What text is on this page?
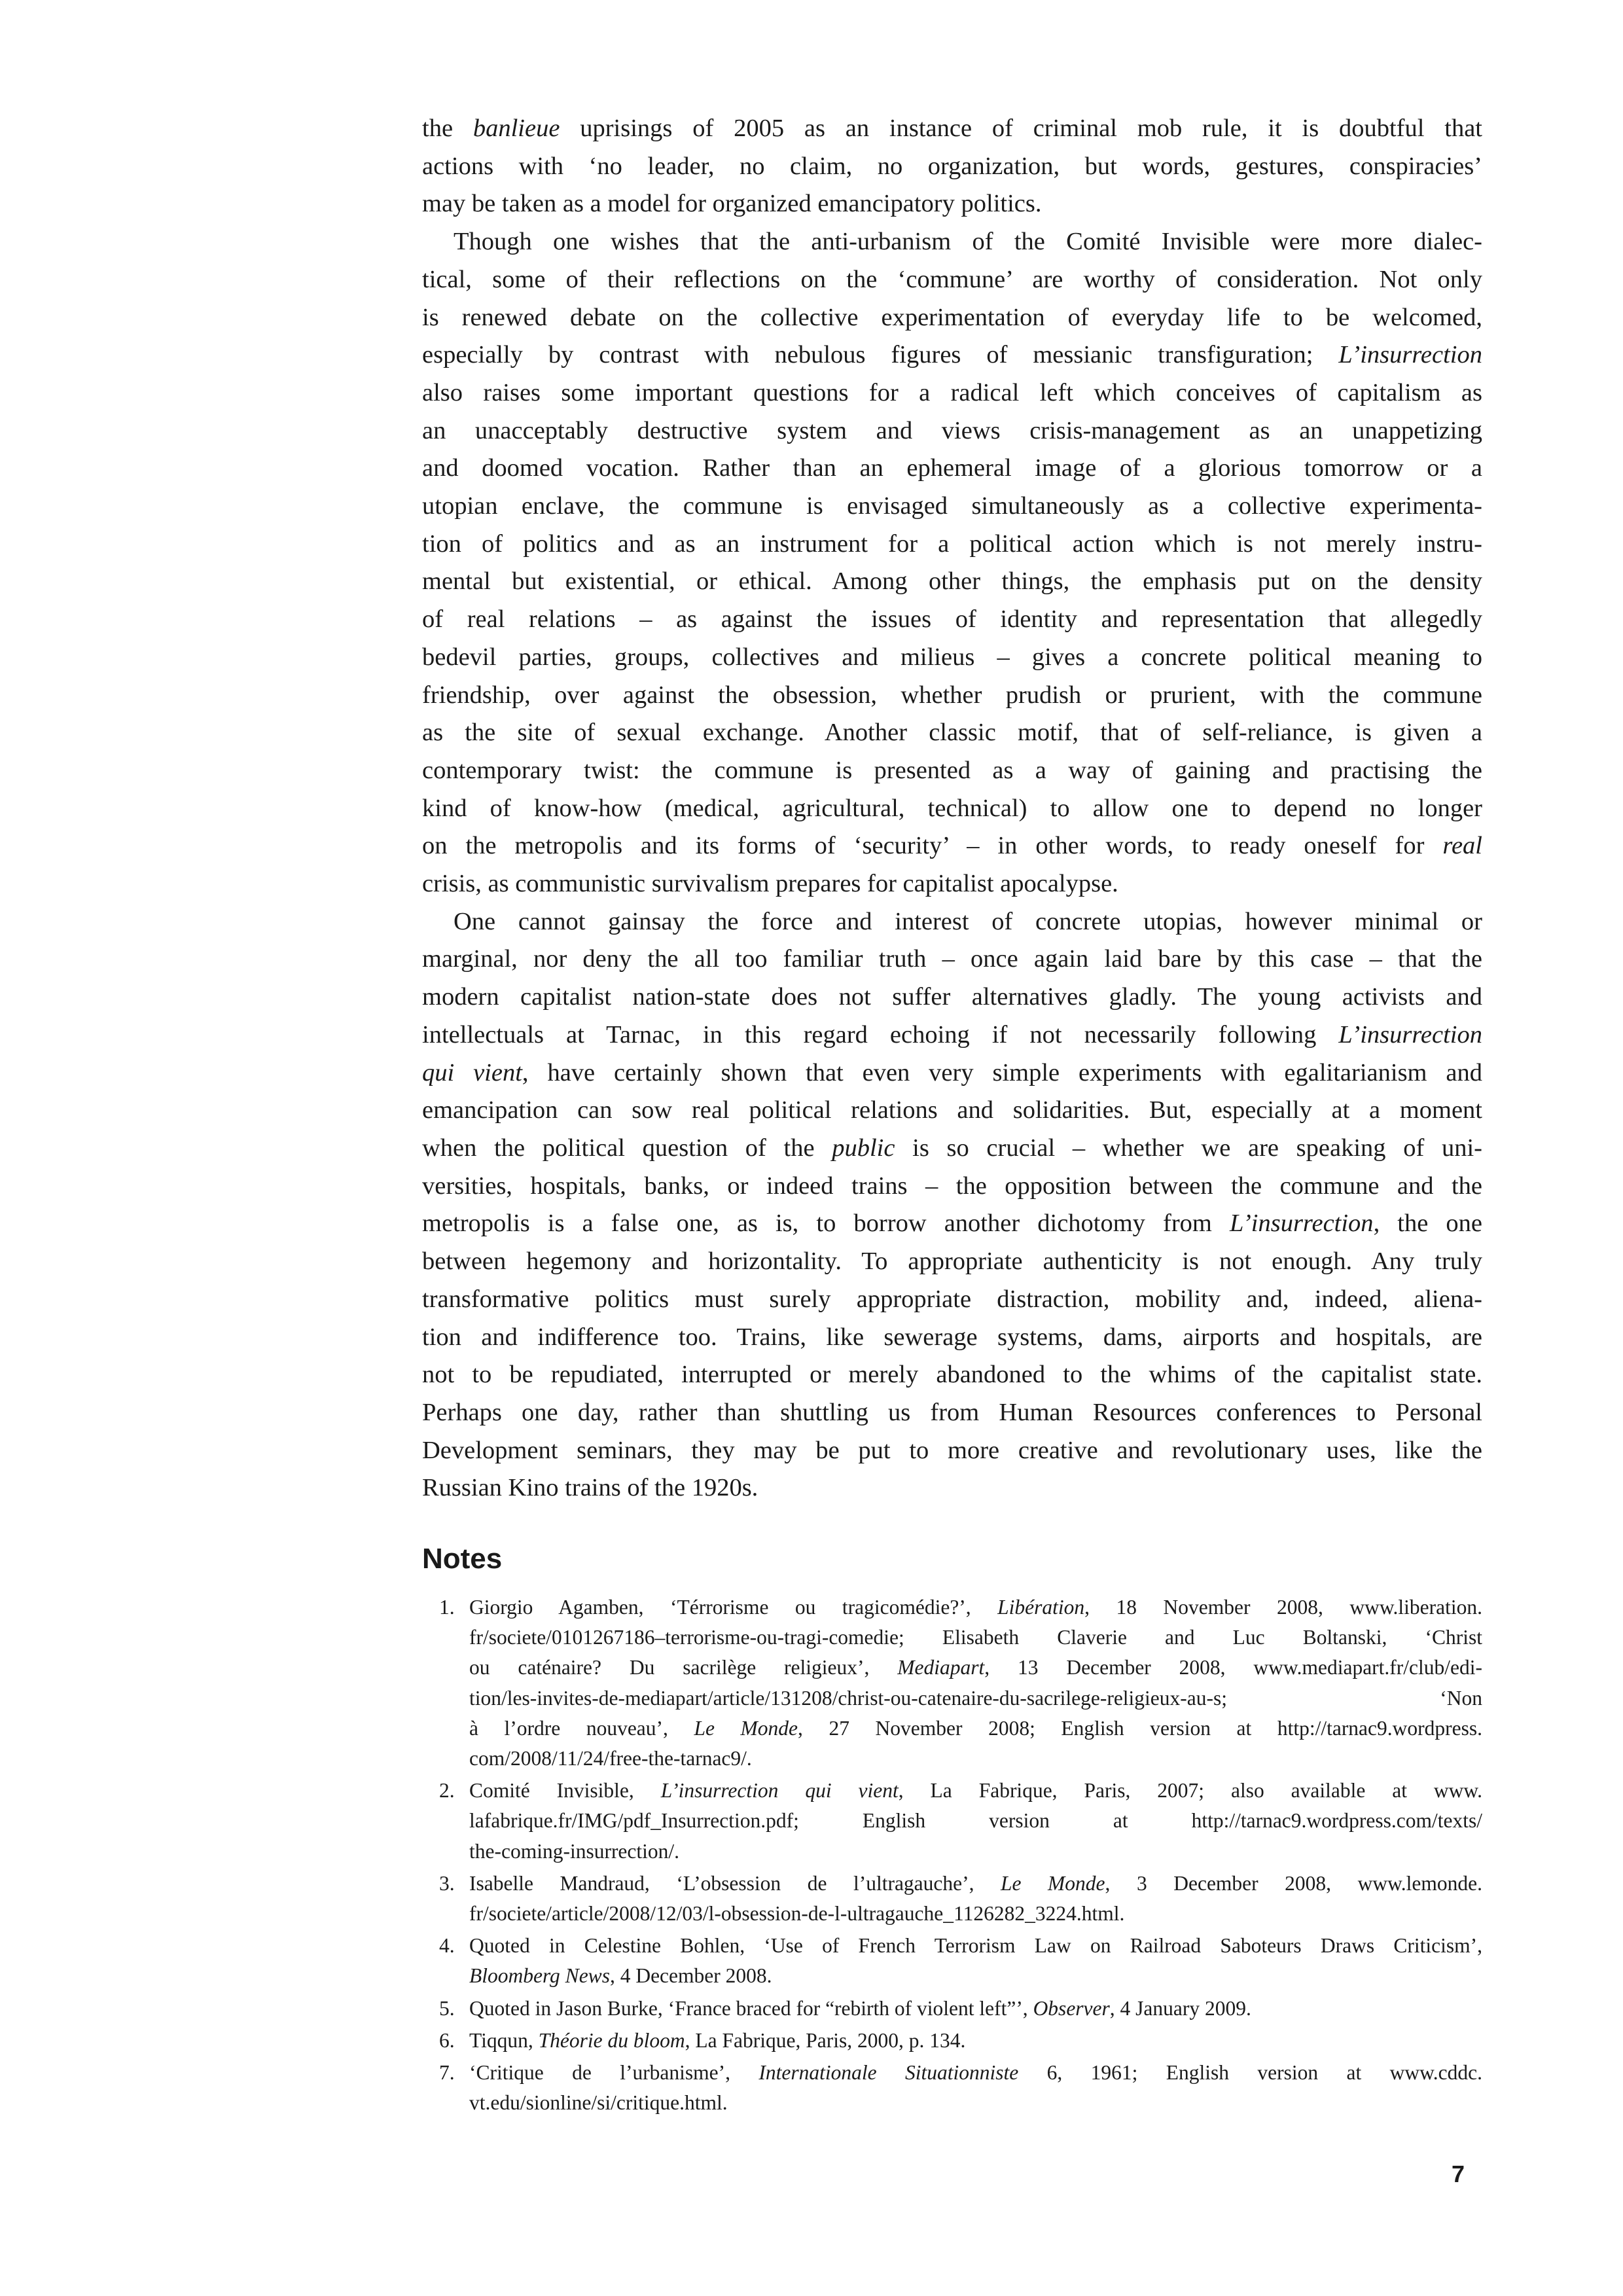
the banlieue uprisings of 2005 as an instance of criminal mob rule, it is doubtful that
actions with ‘no leader, no claim, no organization, but words, gestures, conspiracies’
may be taken as a model for organized emancipatory politics.

Though one wishes that the anti-urbanism of the Comité Invisible were more dialec-
tical, some of their reflections on the ‘commune’ are worthy of consideration. Not only
is renewed debate on the collective experimentation of everyday life to be welcomed,
especially by contrast with nebulous figures of messianic transfiguration; L’insurrection
also raises some important questions for a radical left which conceives of capitalism as
an unacceptably destructive system and views crisis-management as an unappetizing
and doomed vocation. Rather than an ephemeral image of a glorious tomorrow or a
utopian enclave, the commune is envisaged simultaneously as a collective experimenta-
tion of politics and as an instrument for a political action which is not merely instru-
mental but existential, or ethical. Among other things, the emphasis put on the density
of real relations – as against the issues of identity and representation that allegedly
bedevil parties, groups, collectives and milieus – gives a concrete political meaning to
friendship, over against the obsession, whether prudish or prurient, with the commune
as the site of sexual exchange. Another classic motif, that of self-reliance, is given a
contemporary twist: the commune is presented as a way of gaining and practising the
kind of know-how (medical, agricultural, technical) to allow one to depend no longer
on the metropolis and its forms of ‘security’ – in other words, to ready oneself for real
crisis, as communistic survivalism prepares for capitalist apocalypse.

One cannot gainsay the force and interest of concrete utopias, however minimal or
marginal, nor deny the all too familiar truth – once again laid bare by this case – that the
modern capitalist nation-state does not suffer alternatives gladly. The young activists and
intellectuals at Tarnac, in this regard echoing if not necessarily following L’insurrection
qui vient, have certainly shown that even very simple experiments with egalitarianism and
emancipation can sow real political relations and solidarities. But, especially at a moment
when the political question of the public is so crucial – whether we are speaking of uni-
versities, hospitals, banks, or indeed trains – the opposition between the commune and the
metropolis is a false one, as is, to borrow another dichotomy from L’insurrection, the one
between hegemony and horizontality. To appropriate authenticity is not enough. Any truly
transformative politics must surely appropriate distraction, mobility and, indeed, aliena-
tion and indifference too. Trains, like sewerage systems, dams, airports and hospitals, are
not to be repudiated, interrupted or merely abandoned to the whims of the capitalist state.
Perhaps one day, rather than shuttling us from Human Resources conferences to Personal
Development seminars, they may be put to more creative and revolutionary uses, like the
Russian Kino trains of the 1920s.

Notes
1. Giorgio Agamben, ‘Térrorisme ou tragicomédie?’, Libération, 18 November 2008, www.liberation.
fr/societe/0101267186–terrorisme-ou-tragi-comedie; Elisabeth Claverie and Luc Boltanski, ‘Christ
ou caténaire? Du sacrilège religieux’, Mediapart, 13 December 2008, www.mediapart.fr/club/edi-
tion/les-invites-de-mediapart/article/131208/christ-ou-catenaire-du-sacrilege-religieux-au-s; ‘Non
à l’ordre nouveau’, Le Monde, 27 November 2008; English version at http://tarnac9.wordpress.
com/2008/11/24/free-the-tarnac9/.
2. Comité Invisible, L’insurrection qui vient, La Fabrique, Paris, 2007; also available at www.
lafabrique.fr/IMG/pdf_Insurrection.pdf; English version at http://tarnac9.wordpress.com/texts/
the-coming-insurrection/.
3. Isabelle Mandraud, ‘L’obsession de l’ultragauche’, Le Monde, 3 December 2008, www.lemonde.
fr/societe/article/2008/12/03/l-obsession-de-l-ultragauche_1126282_3224.html.
4. Quoted in Celestine Bohlen, ‘Use of French Terrorism Law on Railroad Saboteurs Draws Criticism’,
Bloomberg News, 4 December 2008.
5. Quoted in Jason Burke, ‘France braced for “rebirth of violent left”’, Observer, 4 January 2009.
6. Tiqqun, Théorie du bloom, La Fabrique, Paris, 2000, p. 134.
7. ‘Critique de l’urbanisme’, Internationale Situationniste 6, 1961; English version at www.cddc.
vt.edu/sionline/si/critique.html.
7
